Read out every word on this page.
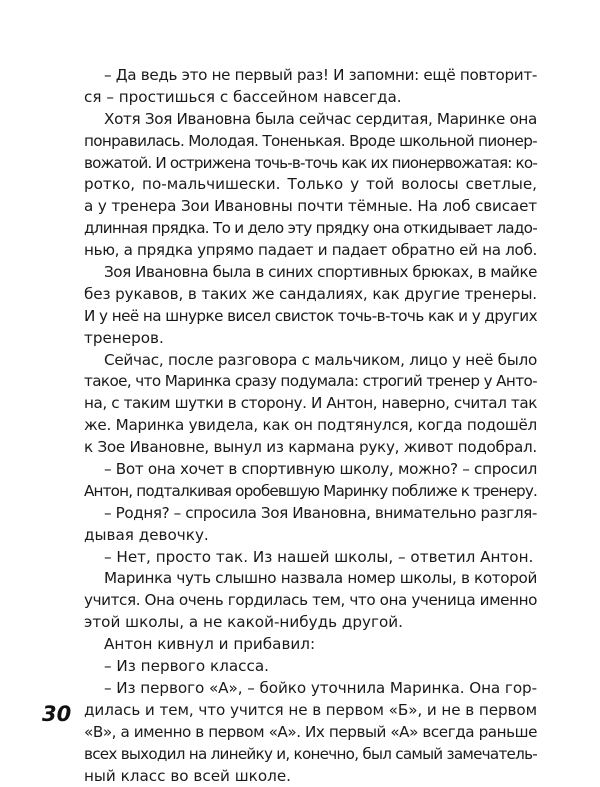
– Да ведь это не первый раз! И запомни: ещё повторит-
ся – простишься с бассейном навсегда.
Хотя Зоя Ивановна была сейчас сердитая, Маринке она
понравилась. Молодая. Тоненькая. Вроде школьной пионер-
вожатой. И острижена точь-в-точь как их пионервожатая: ко-
ротко, по-мальчишески. Только у той волосы светлые,
а у тренера Зои Ивановны почти тёмные. На лоб свисает
длинная прядка. То и дело эту прядку она откидывает ладо-
нью, а прядка упрямо падает и падает обратно ей на лоб.
Зоя Ивановна была в синих спортивных брюках, в майке
без рукавов, в таких же сандалиях, как другие тренеры.
И у неё на шнурке висел свисток точь-в-точь как и у других
тренеров.
Сейчас, после разговора с мальчиком, лицо у неё было
такое, что Маринка сразу подумала: строгий тренер у Анто-
на, с таким шутки в сторону. И Антон, наверно, считал так
же. Маринка увидела, как он подтянулся, когда подошёл
к Зое Ивановне, вынул из кармана руку, живот подобрал.
– Вот она хочет в спортивную школу, можно? – спросил
Антон, подталкивая оробевшую Маринку поближе к тренеру.
– Родня? – спросила Зоя Ивановна, внимательно разгля-
дывая девочку.
– Нет, просто так. Из нашей школы, – ответил Антон.
Маринка чуть слышно назвала номер школы, в которой
учится. Она очень гордилась тем, что она ученица именно
этой школы, а не какой-нибудь другой.
Антон кивнул и прибавил:
– Из первого класса.
– Из первого «А», – бойко уточнила Маринка. Она гор-
дилась и тем, что учится не в первом «Б», и не в первом
«В», а именно в первом «А». Их первый «А» всегда раньше
всех выходил на линейку и, конечно, был самый замечатель-
ный класс во всей школе.
30
